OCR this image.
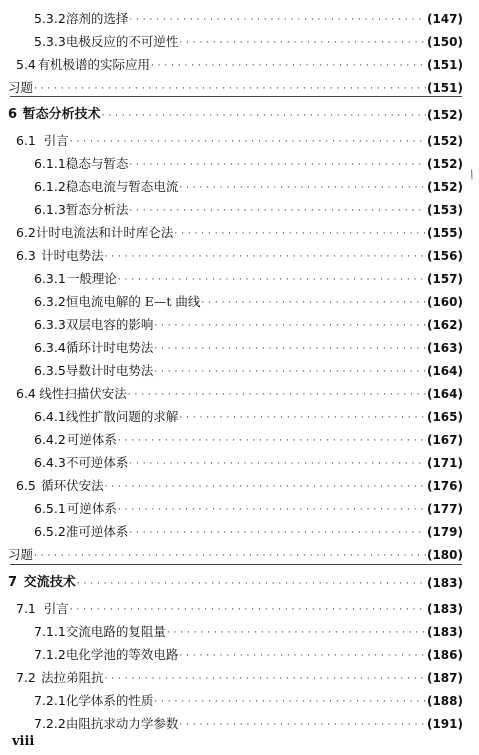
5.3.2 溶剂的选择 · · ·	(147)
5.3.3 电极反应的不可逆性 · · ·	(150)
5.4 有机极谱的实际应用 · · ·	(151)
习题 · · ·	(151)
6 暂态分析技术 · · ·	(152)
6.1 引言 · · ·	(152)
6.1.1 稳态与暂态 · · ·	(152)
6.1.2 稳态电流与暂态电流 · · ·	(152)
6.1.3 暂态分析法 · · ·	(153)
6.2 计时电流法和计时库仑法 · · ·	(155)
6.3 计时电势法 · · ·	(156)
6.3.1 一般理论 · · ·	(157)
6.3.2 恒电流电解的 E—t 曲线 · · ·	(160)
6.3.3 双层电容的影响 · · ·	(162)
6.3.4 循环计时电势法 · · ·	(163)
6.3.5 导数计时电势法 · · ·	(164)
6.4 线性扫描伏安法 · · ·	(164)
6.4.1 线性扩散问题的求解 · · ·	(165)
6.4.2 可逆体系 · · ·	(167)
6.4.3 不可逆体系 · · ·	(171)
6.5 循环伏安法 · · ·	(176)
6.5.1 可逆体系 · · ·	(177)
6.5.2 准可逆体系 · · ·	(179)
习题 · · ·	(180)
7 交流技术 · · ·	(183)
7.1 引言 · · ·	(183)
7.1.1 交流电路的复阻量 · · ·	(183)
7.1.2 电化学池的等效电路 · · ·	(186)
7.2 法拉弟阻抗 · · ·	(187)
7.2.1 化学体系的性质 · · ·	(188)
7.2.2 由阻抗求动力学参数 · · ·	(191)
\
viii
